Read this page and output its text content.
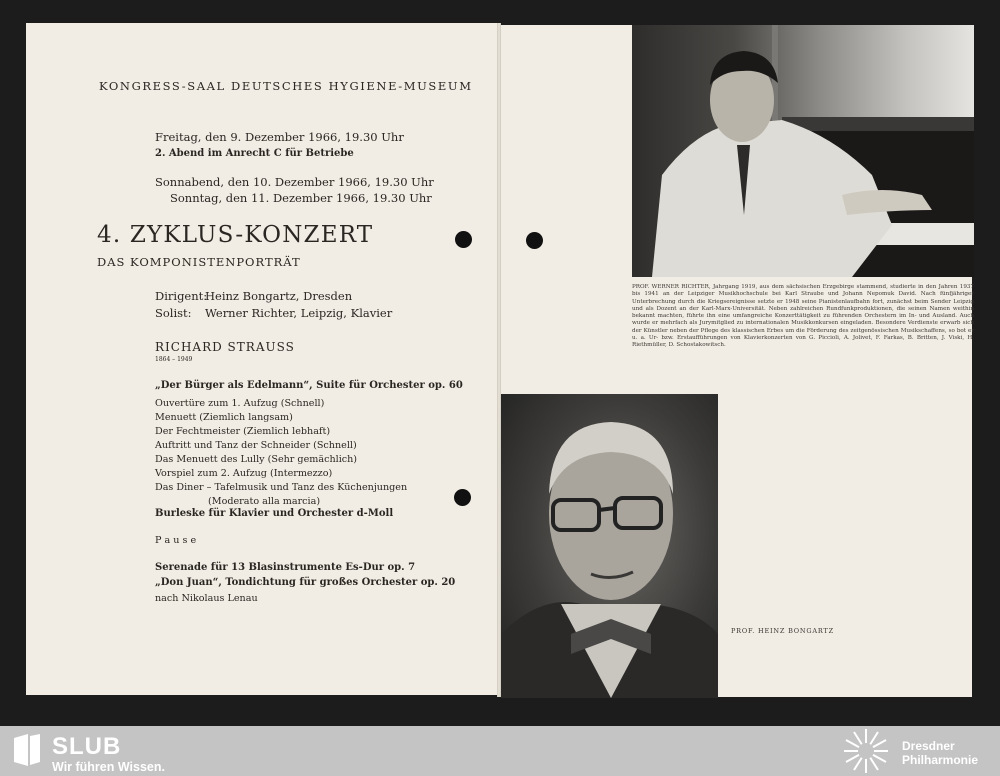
KONGRESS-SAAL DEUTSCHES HYGIENE-MUSEUM
Freitag, den 9. Dezember 1966, 19.30 Uhr
2. Abend im Anrecht C für Betriebe
Sonnabend, den 10. Dezember 1966, 19.30 Uhr
Sonntag, den 11. Dezember 1966, 19.30 Uhr
4. ZYKLUS-KONZERT
DAS KOMPONISTENPORTRÄT
Dirigent:
Heinz Bongartz, Dresden
Solist: Werner Richter, Leipzig, Klavier
RICHARD STRAUSS
1864 – 1949
„Der Bürger als Edelmann“, Suite für Orchester op. 60
Ouvertüre zum 1. Aufzug (Schnell)
Menuett (Ziemlich langsam)
Der Fechtmeister (Ziemlich lebhaft)
Auftritt und Tanz der Schneider (Schnell)
Das Menuett des Lully (Sehr gemächlich)
Vorspiel zum 2. Aufzug (Intermezzo)
Das Diner – Tafelmusik und Tanz des Küchenjungen
(Moderato alla marcia)
Burleske für Klavier und Orchester d-Moll
P a u s e
Serenade für 13 Blasinstrumente Es-Dur op. 7
„Don Juan“, Tondichtung für großes Orchester op. 20
nach Nikolaus Lenau
PROF. WERNER RICHTER, Jahrgang 1919, aus dem sächsischen Erzgebirge stammend, studierte in den Jahren 1937 bis 1941 an der Leipziger Musikhochschule bei Karl Straube und Johann Nepomuk David. Nach fünfjähriger Unterbrechung durch die Kriegsereignisse setzte er 1948 seine Pianistenlaufbahn fort, zunächst beim Sender Leipzig und als Dozent an der Karl-Marx-Universität. Neben zahlreichen Rundfunkproduktionen, die seinen Namen weithin bekannt machten, führte ihn eine umfangreiche Konzerttätigkeit zu führenden Orchestern im In- und Ausland. Auch wurde er mehrfach als Jurymitglied zu internationalen Musikkonkursen eingeladen. Besondere Verdienste erwarb sich der Künstler neben der Pflege des klassischen Erbes um die Förderung des zeitgenössischen Musikschaffens, so bot er u. a. Ur- bzw. Erstaufführungen von Klavierkonzerten von G. Piccioli, A. Jolivet, F. Farkas, B. Britten, J. Viski, H. Riethmüller, D. Schostakowitsch.
PROF. HEINZ BONGARTZ
SLUB
Wir führen Wissen.
Dresdner
Philharmonie
